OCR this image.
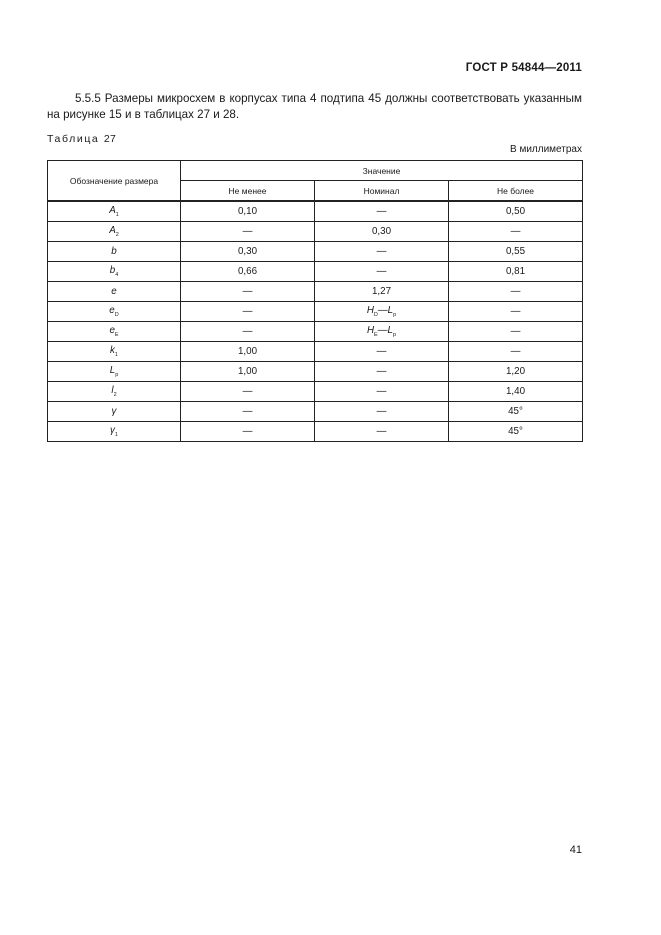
ГОСТ Р 54844—2011

5.5.5 Размеры микросхем в корпусах типа 4 подтипа 45 должны соответствовать указанным на рисунке 15 и в таблицах 27 и 28.

Таблица 27
В миллиметрах
Обозначение размера	Значение		
	Не менее	Номинал	Не более
$A_1$	0,10	—	0,50
$A_2$	—	0,30	—
b	0,30	—	0,55
$b_4$	0,66	—	0,81
e	—	1,27	—
$e_D$	—	$H_D—L_p$	—
$e_E$	—	$H_E—L_p$	—
$k_1$	1,00	—	—
$L_p$	1,00	—	1,20
$l_2$	—	—	1,40
γ	—	—	45°
$\gamma_1$	—	—	45°
41
